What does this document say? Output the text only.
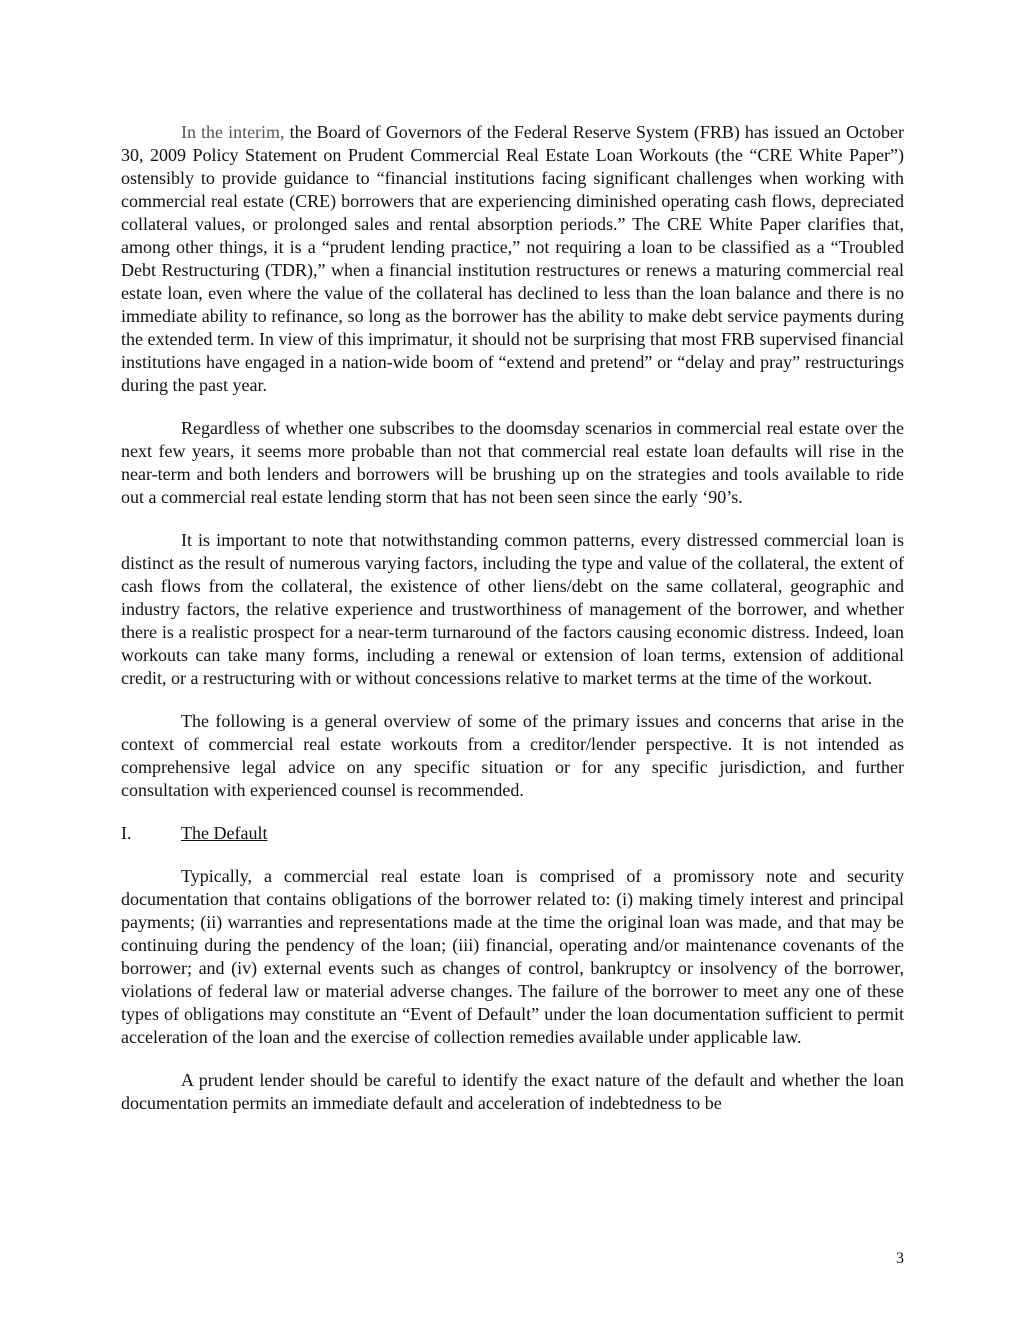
In the interim, the Board of Governors of the Federal Reserve System (FRB) has issued an October 30, 2009 Policy Statement on Prudent Commercial Real Estate Loan Workouts (the “CRE White Paper”) ostensibly to provide guidance to “financial institutions facing significant challenges when working with commercial real estate (CRE) borrowers that are experiencing diminished operating cash flows, depreciated collateral values, or prolonged sales and rental absorption periods.” The CRE White Paper clarifies that, among other things, it is a “prudent lending practice,” not requiring a loan to be classified as a “Troubled Debt Restructuring (TDR),” when a financial institution restructures or renews a maturing commercial real estate loan, even where the value of the collateral has declined to less than the loan balance and there is no immediate ability to refinance, so long as the borrower has the ability to make debt service payments during the extended term. In view of this imprimatur, it should not be surprising that most FRB supervised financial institutions have engaged in a nation-wide boom of “extend and pretend” or “delay and pray” restructurings during the past year.

Regardless of whether one subscribes to the doomsday scenarios in commercial real estate over the next few years, it seems more probable than not that commercial real estate loan defaults will rise in the near-term and both lenders and borrowers will be brushing up on the strategies and tools available to ride out a commercial real estate lending storm that has not been seen since the early ‘90’s.

It is important to note that notwithstanding common patterns, every distressed commercial loan is distinct as the result of numerous varying factors, including the type and value of the collateral, the extent of cash flows from the collateral, the existence of other liens/debt on the same collateral, geographic and industry factors, the relative experience and trustworthiness of management of the borrower, and whether there is a realistic prospect for a near-term turnaround of the factors causing economic distress. Indeed, loan workouts can take many forms, including a renewal or extension of loan terms, extension of additional credit, or a restructuring with or without concessions relative to market terms at the time of the workout.

The following is a general overview of some of the primary issues and concerns that arise in the context of commercial real estate workouts from a creditor/lender perspective. It is not intended as comprehensive legal advice on any specific situation or for any specific jurisdiction, and further consultation with experienced counsel is recommended.

I.	The Default

Typically, a commercial real estate loan is comprised of a promissory note and security documentation that contains obligations of the borrower related to: (i) making timely interest and principal payments; (ii) warranties and representations made at the time the original loan was made, and that may be continuing during the pendency of the loan; (iii) financial, operating and/or maintenance covenants of the borrower; and (iv) external events such as changes of control, bankruptcy or insolvency of the borrower, violations of federal law or material adverse changes. The failure of the borrower to meet any one of these types of obligations may constitute an “Event of Default” under the loan documentation sufficient to permit acceleration of the loan and the exercise of collection remedies available under applicable law.

A prudent lender should be careful to identify the exact nature of the default and whether the loan documentation permits an immediate default and acceleration of indebtedness to be

3
